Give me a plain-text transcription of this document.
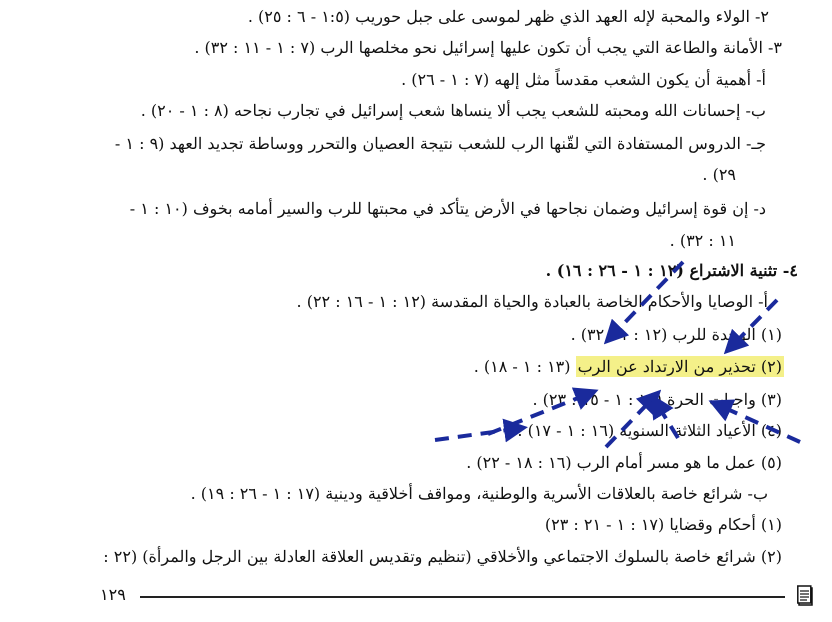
٢- الولاء والمحبة لإله العهد الذي ظهر لموسى على جبل حوريب (١:٥ - ٦ : ٢٥) .
٣- الأمانة والطاعة التي يجب أن تكون عليها إسرائيل نحو مخلصها الرب (٧ : ١ - ١١ : ٣٢) .
أ- أهمية أن يكون الشعب مقدساً مثل إلهه (٧ : ١ - ٢٦) .
ب- إحسانات الله ومحبته للشعب يجب ألا ينساها شعب إسرائيل في تجارب نجاحه (٨ : ١ - ٢٠) .
جـ- الدروس المستفادة التي لقّنها الرب للشعب نتيجة العصيان والتحرر ووساطة تجديد العهد (٩ : ١ -
٢٩) .
د- إن قوة إسرائيل وضمان نجاحها في الأرض يتأكد في محبتها للرب والسير أمامه بخوف (١٠ : ١ -
١١ : ٣٢) .
٤- تثنية الاشتراع (١٢ : ١ - ٢٦ : ١٦) .
أ- الوصايا والأحكام الخاصة بالعبادة والحياة المقدسة (١٢ : ١ - ١٦ : ٢٢) .
(١) الوحدة للرب (١٢ : ١ - ٣٢) .
(٢) تحذير من الارتداد عن الرب (١٣ : ١ - ١٨) .
(٣) واجبات الحرة (١٤ : ١ - ١٥ : ٢٣) .
(٤) الأعياد الثلاثة السنوية (١٦ : ١ - ١٧) .
(٥) عمل ما هو مسر أمام الرب (١٦ : ١٨ - ٢٢) .
ب- شرائع خاصة بالعلاقات الأسرية والوطنية، ومواقف أخلاقية ودينية (١٧ : ١ - ٢٦ : ١٩) .
(١) أحكام وقضايا (١٧ : ١ - ٢١ : ٢٣)
(٢) شرائع خاصة بالسلوك الاجتماعي والأخلاقي (تنظيم وتقديس العلاقة العادلة بين الرجل والمرأة) (٢٢ :
١٢٩
